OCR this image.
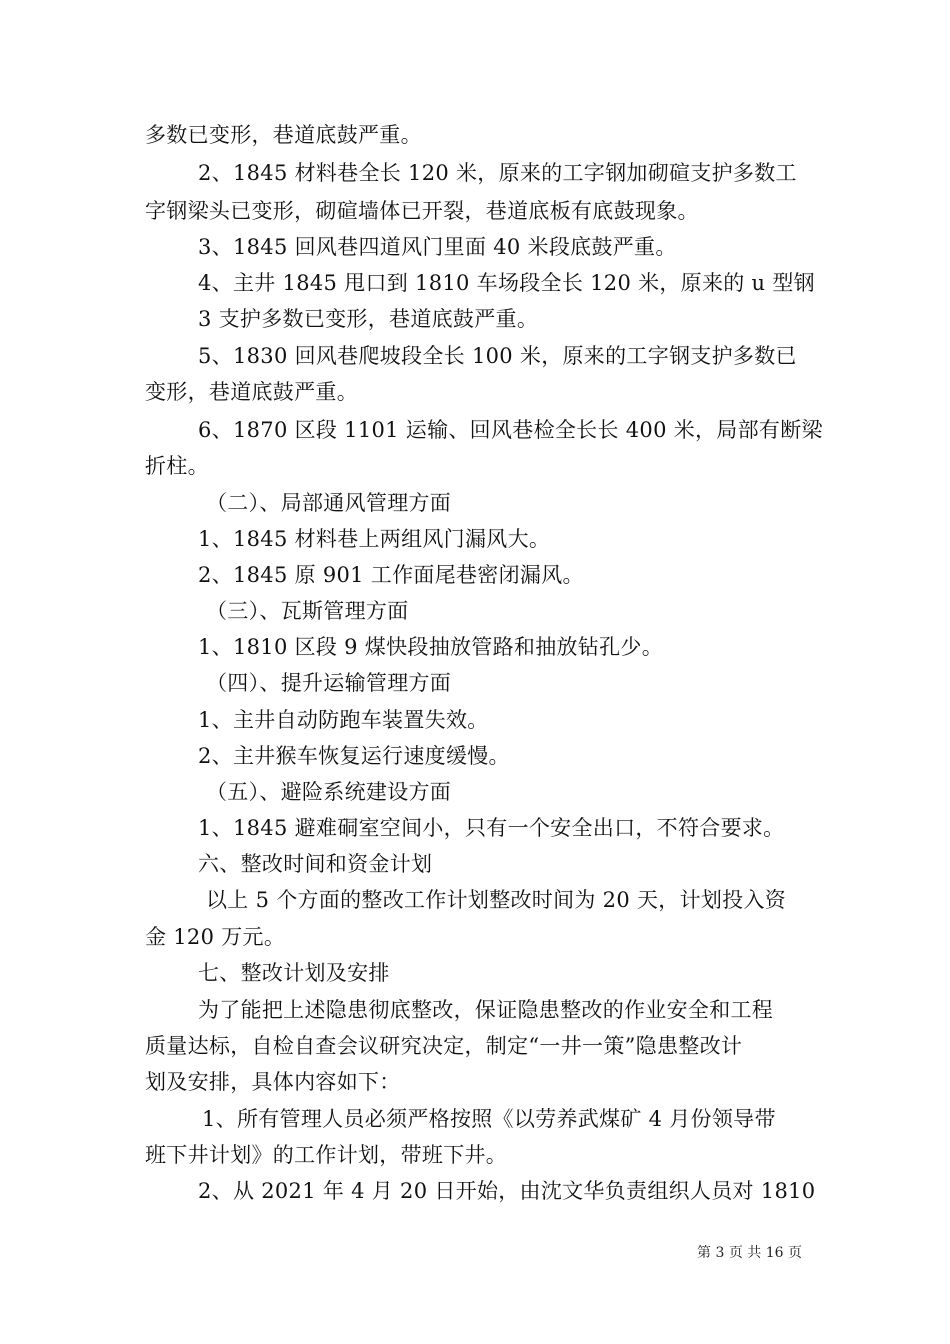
多数已变形，巷道底鼓严重。
2、1845 材料巷全长 120 米，原来的工字钢加砌碹支护多数工
字钢梁头已变形，砌碹墙体已开裂，巷道底板有底鼓现象。
3、1845 回风巷四道风门里面 40 米段底鼓严重。
4、主井 1845 甩口到 1810 车场段全长 120 米，原来的 u 型钢
3 支护多数已变形，巷道底鼓严重。
5、1830 回风巷爬坡段全长 100 米，原来的工字钢支护多数已
变形，巷道底鼓严重。
6、1870 区段 1101 运输、回风巷检全长长 400 米，局部有断梁
折柱。
（二）、局部通风管理方面
1、1845 材料巷上两组风门漏风大。
2、1845 原 901 工作面尾巷密闭漏风。
（三）、瓦斯管理方面
1、1810 区段 9 煤快段抽放管路和抽放钻孔少。
（四）、提升运输管理方面
1、主井自动防跑车装置失效。
2、主井猴车恢复运行速度缓慢。
（五）、避险系统建设方面
1、1845 避难硐室空间小，只有一个安全出口，不符合要求。
六、整改时间和资金计划
以上 5 个方面的整改工作计划整改时间为 20 天，计划投入资
金 120 万元。
七、整改计划及安排
为了能把上述隐患彻底整改，保证隐患整改的作业安全和工程
质量达标，自检自查会议研究决定，制定“一井一策”隐患整改计
划及安排，具体内容如下：
1、所有管理人员必须严格按照《以劳养武煤矿 4 月份领导带
班下井计划》的工作计划，带班下井。
2、从 2021 年 4 月 20 日开始，由沈文华负责组织人员对 1810
第 3 页 共 16 页
